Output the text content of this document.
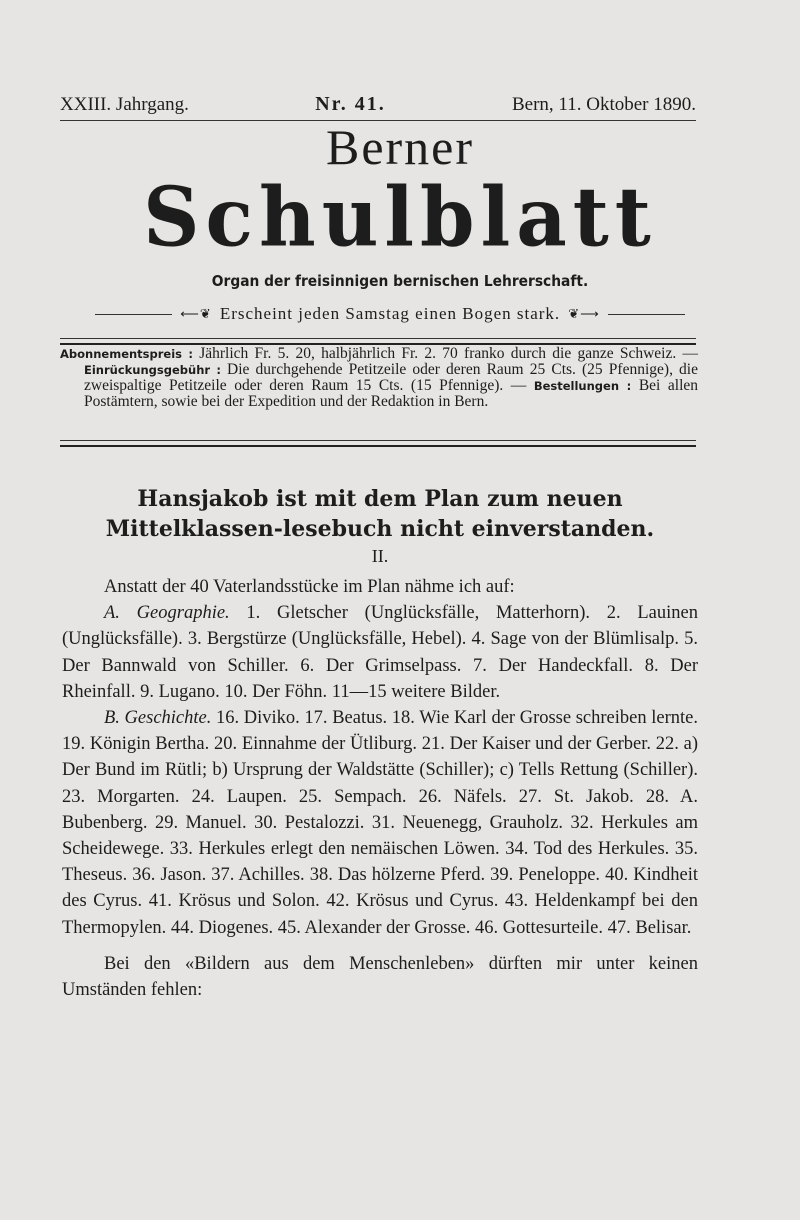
XXIII. Jahrgang.	Nr. 41.	Bern, 11. Oktober 1890.
Berner
Schulblatt
Organ der freisinnigen bernischen Lehrerschaft.
⟵❦ Erscheint jeden Samstag einen Bogen stark. ❦⟶
Abonnementspreis : Jährlich Fr. 5. 20, halbjährlich Fr. 2. 70 franko durch die ganze Schweiz. — Einrückungsgebühr : Die durchgehende Petitzeile oder deren Raum 25 Cts. (25 Pfennige), die zweispaltige Petitzeile oder deren Raum 15 Cts. (15 Pfennige). — Bestellungen : Bei allen Postämtern, sowie bei der Expedition und der Redaktion in Bern.
Hansjakob ist mit dem Plan zum neuen Mittelklassen-lesebuch nicht einverstanden.
II.

Anstatt der 40 Vaterlandsstücke im Plan nähme ich auf:

A. Geographie. 1. Gletscher (Unglücksfälle, Matterhorn). 2. Lauinen (Unglücksfälle). 3. Bergstürze (Unglücksfälle, Hebel). 4. Sage von der Blümlisalp. 5. Der Bannwald von Schiller. 6. Der Grimselpass. 7. Der Handeckfall. 8. Der Rheinfall. 9. Lugano. 10. Der Föhn. 11—15 weitere Bilder.

B. Geschichte. 16. Diviko. 17. Beatus. 18. Wie Karl der Grosse schreiben lernte. 19. Königin Bertha. 20. Einnahme der Ütliburg. 21. Der Kaiser und der Gerber. 22. a) Der Bund im Rütli; b) Ursprung der Waldstätte (Schiller); c) Tells Rettung (Schiller). 23. Morgarten. 24. Laupen. 25. Sempach. 26. Näfels. 27. St. Jakob. 28. A. Bubenberg. 29. Manuel. 30. Pestalozzi. 31. Neuenegg, Grauholz. 32. Herkules am Scheidewege. 33. Herkules erlegt den nemäischen Löwen. 34. Tod des Herkules. 35. Theseus. 36. Jason. 37. Achilles. 38. Das hölzerne Pferd. 39. Peneloppe. 40. Kindheit des Cyrus. 41. Krösus und Solon. 42. Krösus und Cyrus. 43. Heldenkampf bei den Thermopylen. 44. Diogenes. 45. Alexander der Grosse. 46. Gottesurteile. 47. Belisar.

Bei den «Bildern aus dem Menschenleben» dürften mir unter keinen Umständen fehlen:
